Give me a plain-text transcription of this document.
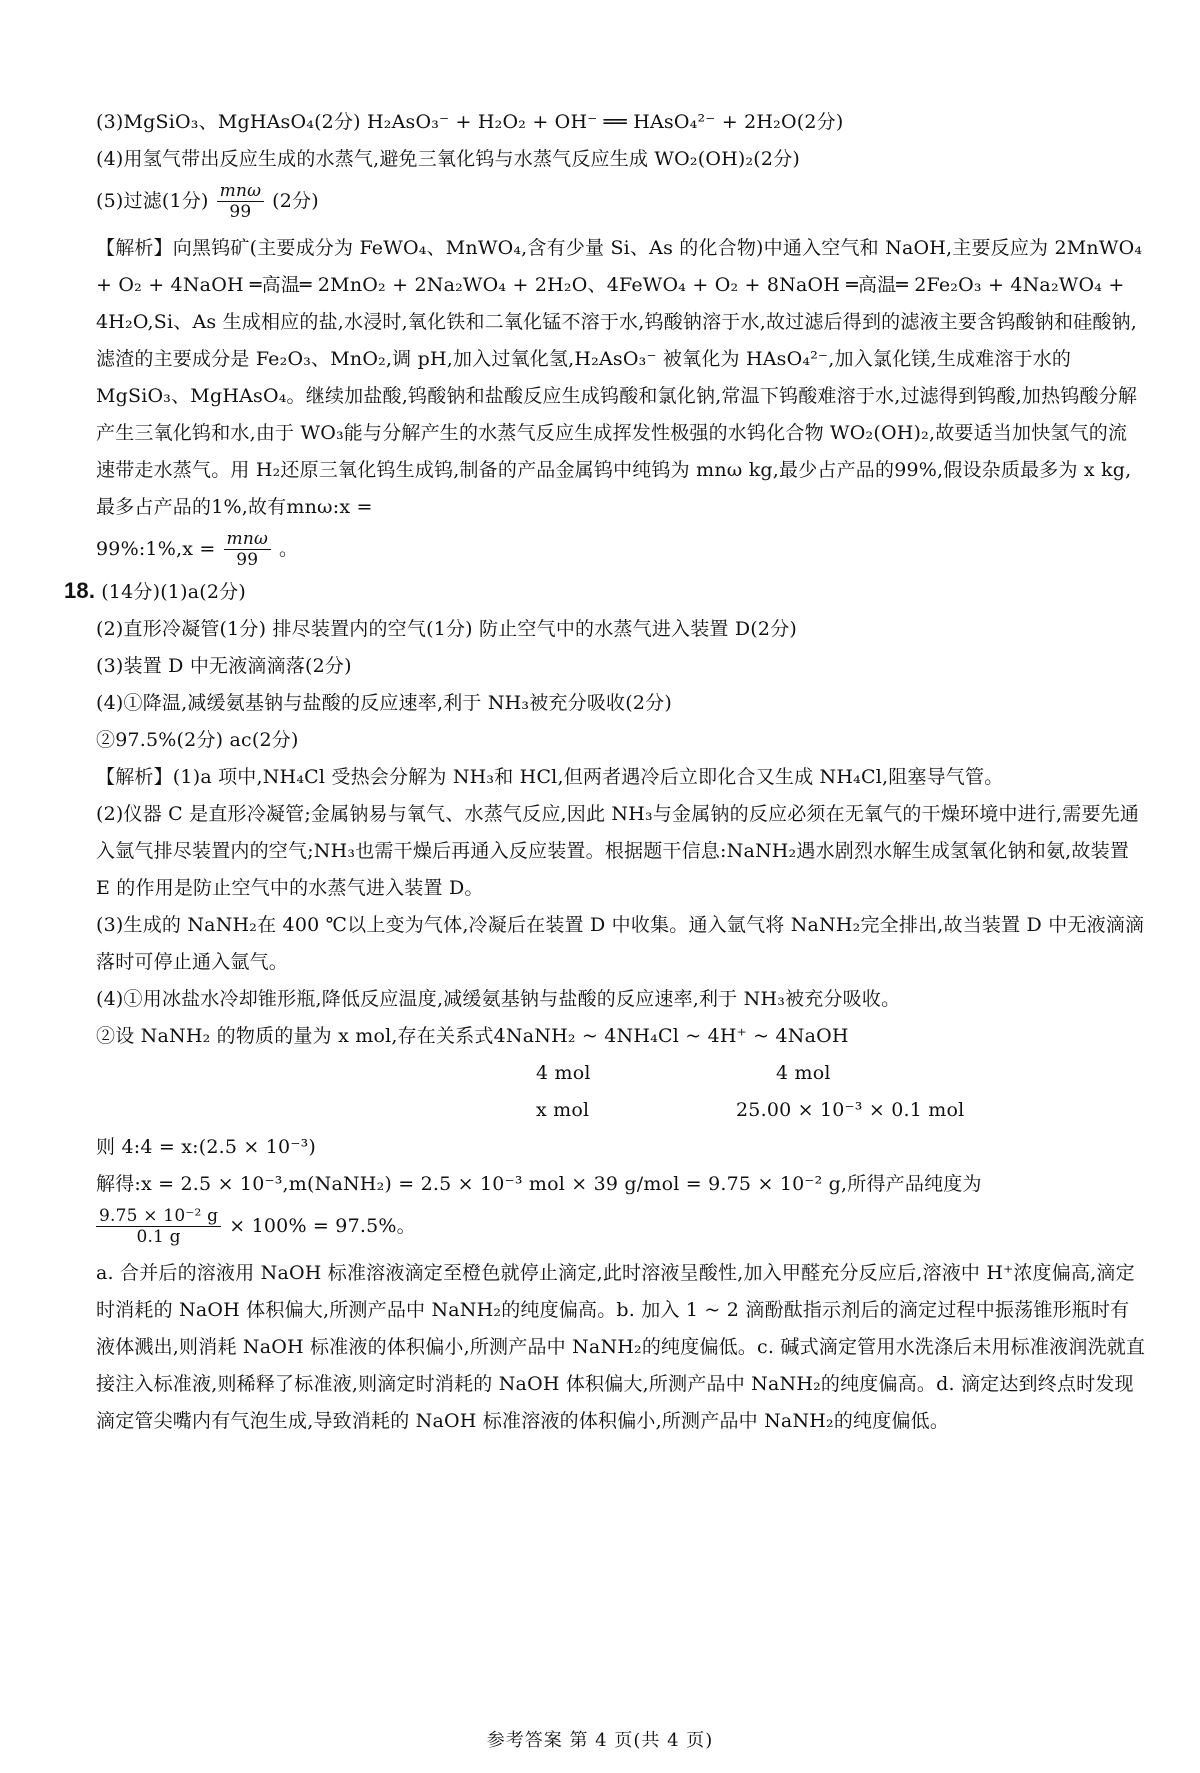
(3)MgSiO₃、MgHAsO₄(2分) H₂AsO₃⁻ + H₂O₂ + OH⁻ ══ HAsO₄²⁻ + 2H₂O(2分)

(4)用氢气带出反应生成的水蒸气,避免三氧化钨与水蒸气反应生成 WO₂(OH)₂(2分)

(5)过滤(1分) $\frac{\text{mnω}}{99} (2$分)

【解析】向黑钨矿(主要成分为 FeWO₄、MnWO₄,含有少量 Si、As 的化合物)中通入空气和 NaOH,主要反应为 2MnWO₄ + O₂ + 4NaOH ═高温═ 2MnO₂ + 2Na₂WO₄ + 2H₂O、4FeWO₄ + O₂ + 8NaOH ═高温═ 2Fe₂O₃ + 4Na₂WO₄ + 4H₂O,Si、As 生成相应的盐,水浸时,氧化铁和二氧化锰不溶于水,钨酸钠溶于水,故过滤后得到的滤液主要含钨酸钠和硅酸钠,滤渣的主要成分是 Fe₂O₃、MnO₂,调 pH,加入过氧化氢,H₂AsO₃⁻ 被氧化为 HAsO₄²⁻,加入氯化镁,生成难溶于水的 MgSiO₃、MgHAsO₄。继续加盐酸,钨酸钠和盐酸反应生成钨酸和氯化钠,常温下钨酸难溶于水,过滤得到钨酸,加热钨酸分解产生三氧化钨和水,由于 WO₃能与分解产生的水蒸气反应生成挥发性极强的水钨化合物 WO₂(OH)₂,故要适当加快氢气的流速带走水蒸气。用 H₂还原三氧化钨生成钨,制备的产品金属钨中纯钨为 mnω kg,最少占产品的99%,假设杂质最多为 x kg,最多占产品的1%,故有mnω:x =

99%:1%,x = $\frac{\text{mnω}}{99}$ 。

18. (14分)(1)a(2分)

(2)直形冷凝管(1分) 排尽装置内的空气(1分) 防止空气中的水蒸气进入装置 D(2分)

(3)装置 D 中无液滴滴落(2分)

(4)①降温,减缓氨基钠与盐酸的反应速率,利于 NH₃被充分吸收(2分)

②97.5%(2分) ac(2分)

【解析】(1)a 项中,NH₄Cl 受热会分解为 NH₃和 HCl,但两者遇冷后立即化合又生成 NH₄Cl,阻塞导气管。

(2)仪器 C 是直形冷凝管;金属钠易与氧气、水蒸气反应,因此 NH₃与金属钠的反应必须在无氧气的干燥环境中进行,需要先通入氩气排尽装置内的空气;NH₃也需干燥后再通入反应装置。根据题干信息:NaNH₂遇水剧烈水解生成氢氧化钠和氨,故装置 E 的作用是防止空气中的水蒸气进入装置 D。

(3)生成的 NaNH₂在 400 ℃以上变为气体,冷凝后在装置 D 中收集。通入氩气将 NaNH₂完全排出,故当装置 D 中无液滴滴落时可停止通入氩气。

(4)①用冰盐水冷却锥形瓶,降低反应温度,减缓氨基钠与盐酸的反应速率,利于 NH₃被充分吸收。

②设 NaNH₂ 的物质的量为 x mol,存在关系式4NaNH₂ ~ 4NH₄Cl ~ 4H⁺ ~ 4NaOH

4 mol	4 mol
x mol	25.00 × 10⁻³ × 0.1 mol

则 4:4 = x:(2.5 × 10⁻³)

解得:x = 2.5 × 10⁻³,m(NaNH₂) = 2.5 × 10⁻³ mol × 39 g/mol = 9.75 × 10⁻² g,所得产品纯度为

$\frac{\text{9.75 × 10⁻² g}}{0.1 g} \times 100\% = 97.5\%$。

a. 合并后的溶液用 NaOH 标准溶液滴定至橙色就停止滴定,此时溶液呈酸性,加入甲醛充分反应后,溶液中 H⁺浓度偏高,滴定时消耗的 NaOH 体积偏大,所测产品中 NaNH₂的纯度偏高。b. 加入 1 ~ 2 滴酚酞指示剂后的滴定过程中振荡锥形瓶时有液体溅出,则消耗 NaOH 标准液的体积偏小,所测产品中 NaNH₂的纯度偏低。c. 碱式滴定管用水洗涤后未用标准液润洗就直接注入标准液,则稀释了标准液,则滴定时消耗的 NaOH 体积偏大,所测产品中 NaNH₂的纯度偏高。d. 滴定达到终点时发现滴定管尖嘴内有气泡生成,导致消耗的 NaOH 标准溶液的体积偏小,所测产品中 NaNH₂的纯度偏低。

参考答案 第 4 页(共 4 页)
